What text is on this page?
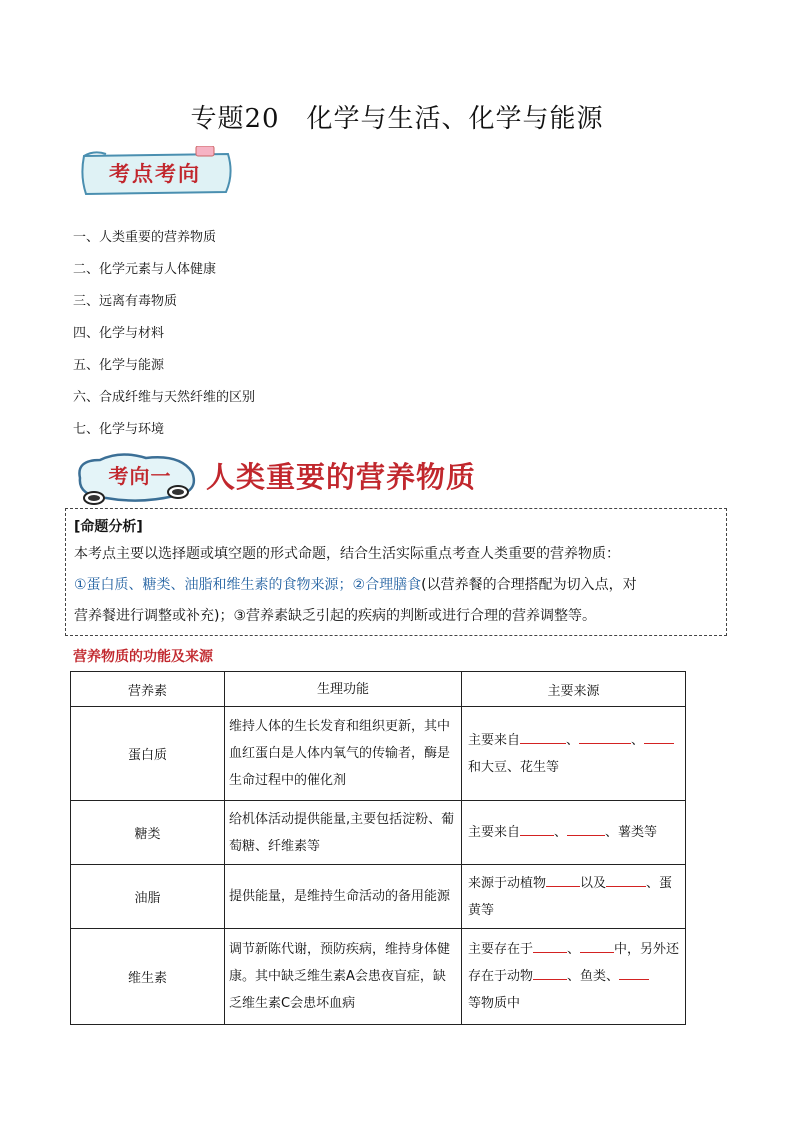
专题20　化学与生活、化学与能源
考点考向
一、人类重要的营养物质
二、化学元素与人体健康
三、远离有毒物质
四、化学与材料
五、化学与能源
六、合成纤维与天然纤维的区别
七、化学与环境
考向一	人类重要的营养物质

[命题分析]

本考点主要以选择题或填空题的形式命题，结合生活实际重点考查人类重要的营养物质：

①蛋白质、糖类、油脂和维生素的食物来源；②合理膳食(以营养餐的合理搭配为切入点，对

营养餐进行调整或补充)；③营养素缺乏引起的疾病的判断或进行合理的营养调整等。

营养物质的功能及来源
营养素	生理功能	主要来源
蛋白质	维持人体的生长发育和组织更新，其中血红蛋白是人体内氧气的传输者，酶是生命过程中的催化剂	主要来自 、 、
和大豆、花生等
糖类	给机体活动提供能量,主要包括淀粉、葡萄糖、纤维素等	主要来自 、 、薯类等
油脂	提供能量，是维持生命活动的备用能源	来源于动植物 以及 、蛋黄等
维生素	调节新陈代谢，预防疾病，维持身体健康。其中缺乏维生素A会患夜盲症，缺乏维生素C会患坏血病	主要存在于 、 中，另外还存在于动物 、鱼类、
等物质中
